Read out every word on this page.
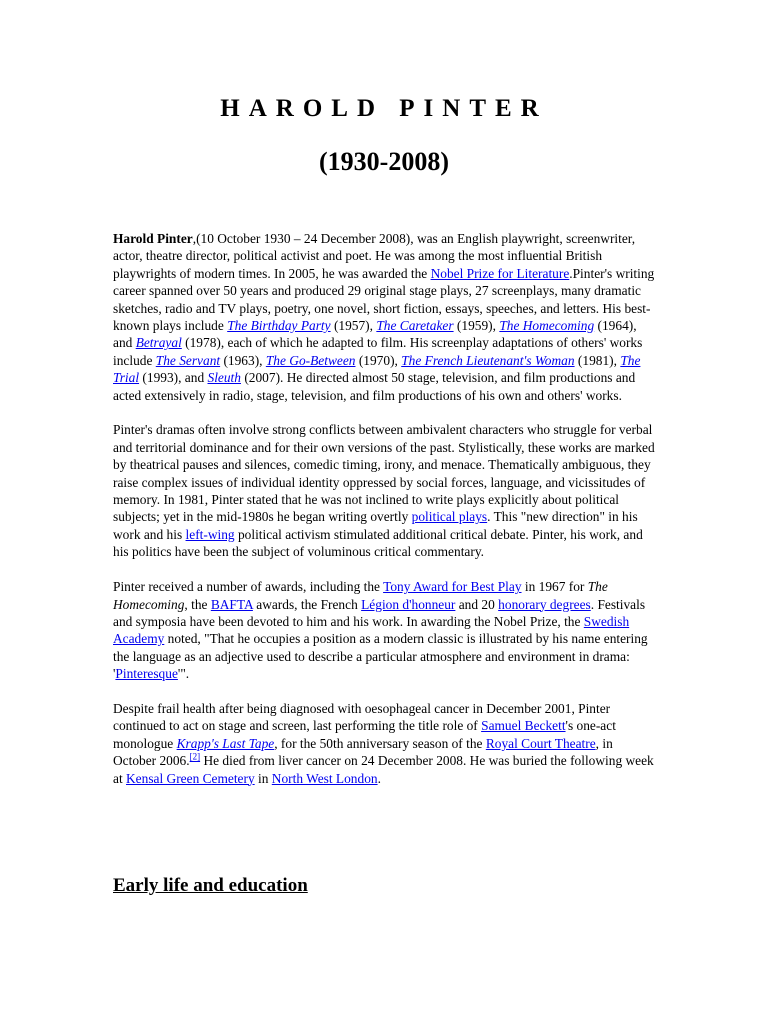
HAROLD PINTER
(1930-2008)

Harold Pinter,(10 October 1930 – 24 December 2008), was an English playwright, screenwriter, actor, theatre director, political activist and poet. He was among the most influential British playwrights of modern times. In 2005, he was awarded the Nobel Prize for Literature.Pinter's writing career spanned over 50 years and produced 29 original stage plays, 27 screenplays, many dramatic sketches, radio and TV plays, poetry, one novel, short fiction, essays, speeches, and letters. His best-known plays include The Birthday Party (1957), The Caretaker (1959), The Homecoming (1964), and Betrayal (1978), each of which he adapted to film. His screenplay adaptations of others' works include The Servant (1963), The Go-Between (1970), The French Lieutenant's Woman (1981), The Trial (1993), and Sleuth (2007). He directed almost 50 stage, television, and film productions and acted extensively in radio, stage, television, and film productions of his own and others' works.

Pinter's dramas often involve strong conflicts between ambivalent characters who struggle for verbal and territorial dominance and for their own versions of the past. Stylistically, these works are marked by theatrical pauses and silences, comedic timing, irony, and menace. Thematically ambiguous, they raise complex issues of individual identity oppressed by social forces, language, and vicissitudes of memory. In 1981, Pinter stated that he was not inclined to write plays explicitly about political subjects; yet in the mid-1980s he began writing overtly political plays. This "new direction" in his work and his left-wing political activism stimulated additional critical debate. Pinter, his work, and his politics have been the subject of voluminous critical commentary.

Pinter received a number of awards, including the Tony Award for Best Play in 1967 for The Homecoming, the BAFTA awards, the French Légion d'honneur and 20 honorary degrees. Festivals and symposia have been devoted to him and his work. In awarding the Nobel Prize, the Swedish Academy noted, "That he occupies a position as a modern classic is illustrated by his name entering the language as an adjective used to describe a particular atmosphere and environment in drama: 'Pinteresque'".

Despite frail health after being diagnosed with oesophageal cancer in December 2001, Pinter continued to act on stage and screen, last performing the title role of Samuel Beckett's one-act monologue Krapp's Last Tape, for the 50th anniversary season of the Royal Court Theatre, in October 2006.[2] He died from liver cancer on 24 December 2008. He was buried the following week at Kensal Green Cemetery in North West London.

Early life and education
